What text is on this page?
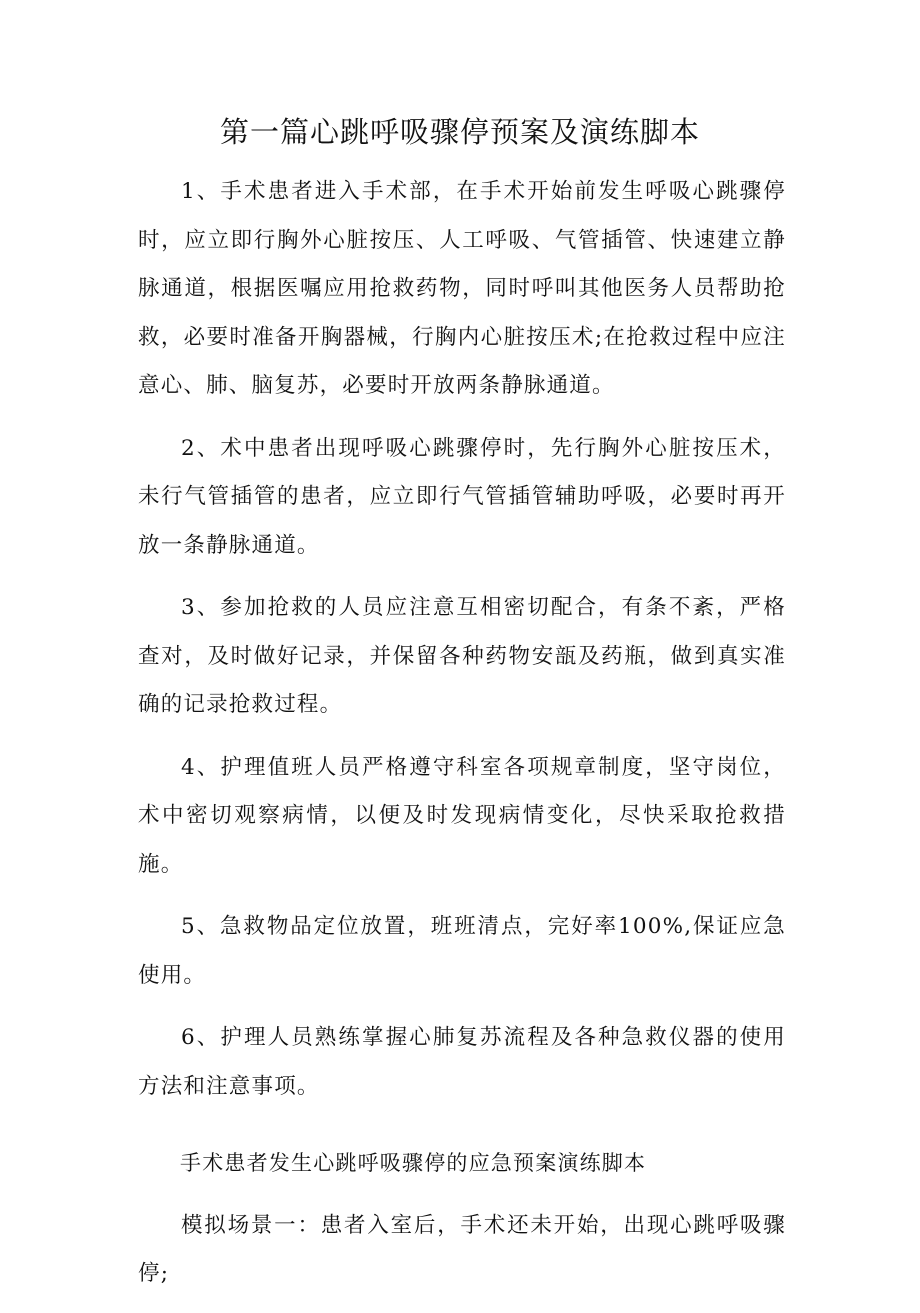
第一篇心跳呼吸骤停预案及演练脚本

1、手术患者进入手术部，在手术开始前发生呼吸心跳骤停时，应立即行胸外心脏按压、人工呼吸、气管插管、快速建立静脉通道，根据医嘱应用抢救药物，同时呼叫其他医务人员帮助抢救，必要时准备开胸器械，行胸内心脏按压术;在抢救过程中应注意心、肺、脑复苏，必要时开放两条静脉通道。

2、术中患者出现呼吸心跳骤停时，先行胸外心脏按压术，未行气管插管的患者，应立即行气管插管辅助呼吸，必要时再开放一条静脉通道。

3、参加抢救的人员应注意互相密切配合，有条不紊，严格查对，及时做好记录，并保留各种药物安瓿及药瓶，做到真实准确的记录抢救过程。

4、护理值班人员严格遵守科室各项规章制度，坚守岗位，术中密切观察病情，以便及时发现病情变化，尽快采取抢救措施。

5、急救物品定位放置，班班清点，完好率100%,保证应急使用。

6、护理人员熟练掌握心肺复苏流程及各种急救仪器的使用方法和注意事项。

手术患者发生心跳呼吸骤停的应急预案演练脚本

模拟场景一：患者入室后，手术还未开始，出现心跳呼吸骤停;
